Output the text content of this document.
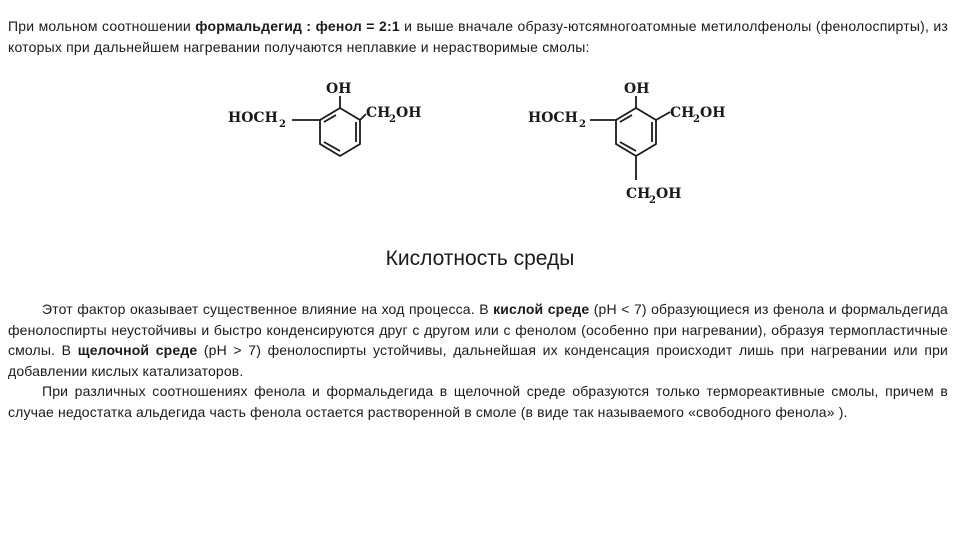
При мольном соотношении формальдегид : фенол = 2:1 и выше вначале образу-ютсямногоатомные метилолфенолы (фенолоспирты), из которых при дальнейшем нагревании получаются неплавкие и нерастворимые смолы:

OH
HOCH 2
CH
2 OH
OH
HOCH 2
CH
2 OH
CH
2 OH
Кислотность среды

Этот фактор оказывает существенное влияние на ход процесса. В кислой среде (рН < 7) образующиеся из фенола и формальдегида фенолоспирты неустойчивы и быстро конденсируются друг с другом или с фенолом (особенно при нагревании), образуя термопластичные смолы. В щелочной среде (рН > 7) фенолоспирты устойчивы, дальнейшая их конденсация происходит лишь при нагревании или при добавлении кислых катализаторов.

При различных соотношениях фенола и формальдегида в щелочной среде образуются только термореактивные смолы, причем в случае недостатка альдегида часть фенола остается растворенной в смоле (в виде так называемого «свободного фенола» ).
